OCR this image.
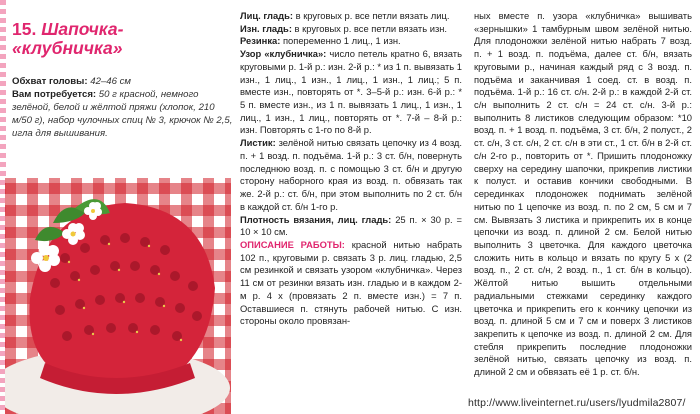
15. Шапочка-
«клубничка»

Обхват головы: 42–46 см
Вам потребуется: 50 г красной, немного зелёной, белой и жёлтой пряжи (хлопок, 210 м/50 г), набор чулочных спиц № 3, крючок № 2,5, игла для вышивания.

Лиц. гладь: в круговых р. все петли вязать лиц.

Изн. гладь: в круговых р. все петли вязать изн.

Резинка: попеременно 1 лиц., 1 изн.

Узор «клубничка»: число петель кратно 6, вязать круговыми р. 1-й р.: изн. 2-й р.: * из 1 п. вывязать 1 изн., 1 лиц., 1 изн., 1 лиц., 1 изн., 1 лиц.; 5 п. вместе изн., повторять от *. 3–5-й р.: изн. 6-й р.: * 5 п. вместе изн., из 1 п. вывязать 1 лиц., 1 изн., 1 лиц., 1 изн., 1 лиц., повторять от *. 7-й – 8-й р.: изн. Повторять с 1-го по 8-й р.

Листик: зелёной нитью связать цепочку из 4 возд. п. + 1 возд. п. подъёма. 1-й р.: 3 ст. б/н, повернуть последнюю возд. п. с помощью 3 ст. б/н и другую сторону наборного края из возд. п. обвязать так же. 2-й р.: ст. б/н, при этом выполнить по 2 ст. б/н в каждой ст. б/н 1-го р.

Плотность вязания, лиц. гладь: 25 п. × 30 р. = 10 × 10 см.

ОПИСАНИЕ РАБОТЫ: красной нитью набрать 102 п., круговыми р. связать 3 р. лиц. гладью, 2,5 см резинкой и связать узором «клубничка». Через 11 см от резинки вязать изн. гладью и в каждом 2-м р. 4 х (провязать 2 п. вместе изн.) = 7 п. Оставшиеся п. стянуть рабочей нитью. С изн. стороны около провязан-

ных вместе п. узора «клубничка» вышивать «зернышки» 1 тамбурным швом зелёной нитью. Для плодоножки зелёной нитью набрать 7 возд. п. + 1 возд. п. подъёма, далее ст. б/н, вязать круговыми р., начиная каждый ряд с 3 возд. п. подъёма и заканчивая 1 соед. ст. в возд. п. подъёма. 1-й р.: 16 ст. с/н. 2-й р.: в каждой 2-й ст. с/н выполнить 2 ст. с/н = 24 ст. с/н. 3-й р.: выполнить 8 листиков следующим образом: *10 возд. п. + 1 возд. п. подъёма, 3 ст. б/н, 2 полуст., 2 ст. с/н, 3 ст. с/н, 2 ст. с/н в эти ст., 1 ст. б/н в 2-й ст. с/н 2-го р., повторить от *. Пришить плодоножку сверху на середину шапочки, прикрепив листики к полуст. и оставив кончики свободными. В серединках плодоножек поднимать зелёной нитью по 1 цепочке из возд. п. по 2 см, 5 см и 7 см. Вывязать 3 листика и прикрепить их в конце цепочки из возд. п. длиной 2 см. Белой нитью выполнить 3 цветочка. Для каждого цветочка сложить нить в кольцо и вязать по кругу 5 х (2 возд. п., 2 ст. с/н, 2 возд. п., 1 ст. б/н в кольцо). Жёлтой нитью вышить отдельными радиальными стежками серединку каждого цветочка и прикрепить его к кончику цепочки из возд. п. длиной 5 см и 7 см и поверх 3 листиков закрепить к цепочке из возд. п. длиной 2 см. Для стебля прикрепить последние плодоножки зелёной нитью, связать цепочку из возд. п. длиной 2 см и обвязать её 1 р. ст. б/н.

http://www.liveinternet.ru/users/lyudmila2807/
